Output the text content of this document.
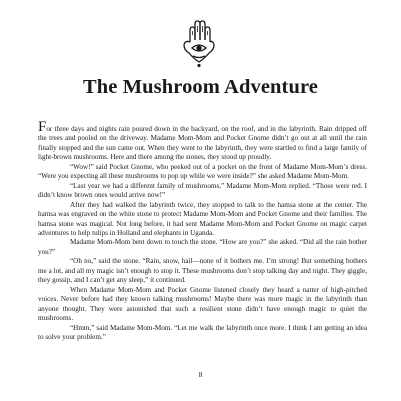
The Mushroom Adventure

For three days and nights rain poured down in the backyard, on the roof, and in the labyrinth. Rain dripped off the trees and pooled on the driveway. Madame Mom-Mom and Pocket Gnome didn’t go out at all until the rain finally stopped and the sun came out. When they went to the labyrinth, they were startled to find a large family of light-brown mushrooms. Here and there among the stones, they stood up proudly.

“Wow!” said Pocket Gnome, who peeked out of a pocket on the front of Madame Mom-Mom’s dress. “Were you expecting all these mushrooms to pop up while we were inside?” she asked Madame Mom-Mom.

“Last year we had a different family of mushrooms,” Madame Mom-Mom replied. “Those were red. I didn’t know brown ones would arrive now!”

After they had walked the labyrinth twice, they stopped to talk to the hamsa stone at the center. The hamsa was engraved on the white stone to protect Madame Mom-Mom and Pocket Gnome and their families. The hamsa stone was magical. Not long before, it had sent Madame Mom-Mom and Pocket Gnome on magic carpet adventures to help tulips in Holland and elephants in Uganda.

Madame Mom-Mom bent down to touch the stone. “How are you?” she asked. “Did all the rain bother you?”

“Oh no,” said the stone. “Rain, snow, hail—none of it bothers me. I’m strong! But something bothers me a lot, and all my magic isn’t enough to stop it. These mushrooms don’t stop talking day and night. They giggle, they gossip, and I can’t get any sleep,” it continued.

When Madame Mom-Mom and Pocket Gnome listened closely they heard a natter of high-pitched voices. Never before had they known talking mushrooms! Maybe there was more magic in the labyrinth than anyone thought. They were astonished that such a resilient stone didn’t have enough magic to quiet the mushrooms.

“Hmm,” said Madame Mom-Mom. “Let me walk the labyrinth once more. I think I am getting an idea to solve your problem.”

8
